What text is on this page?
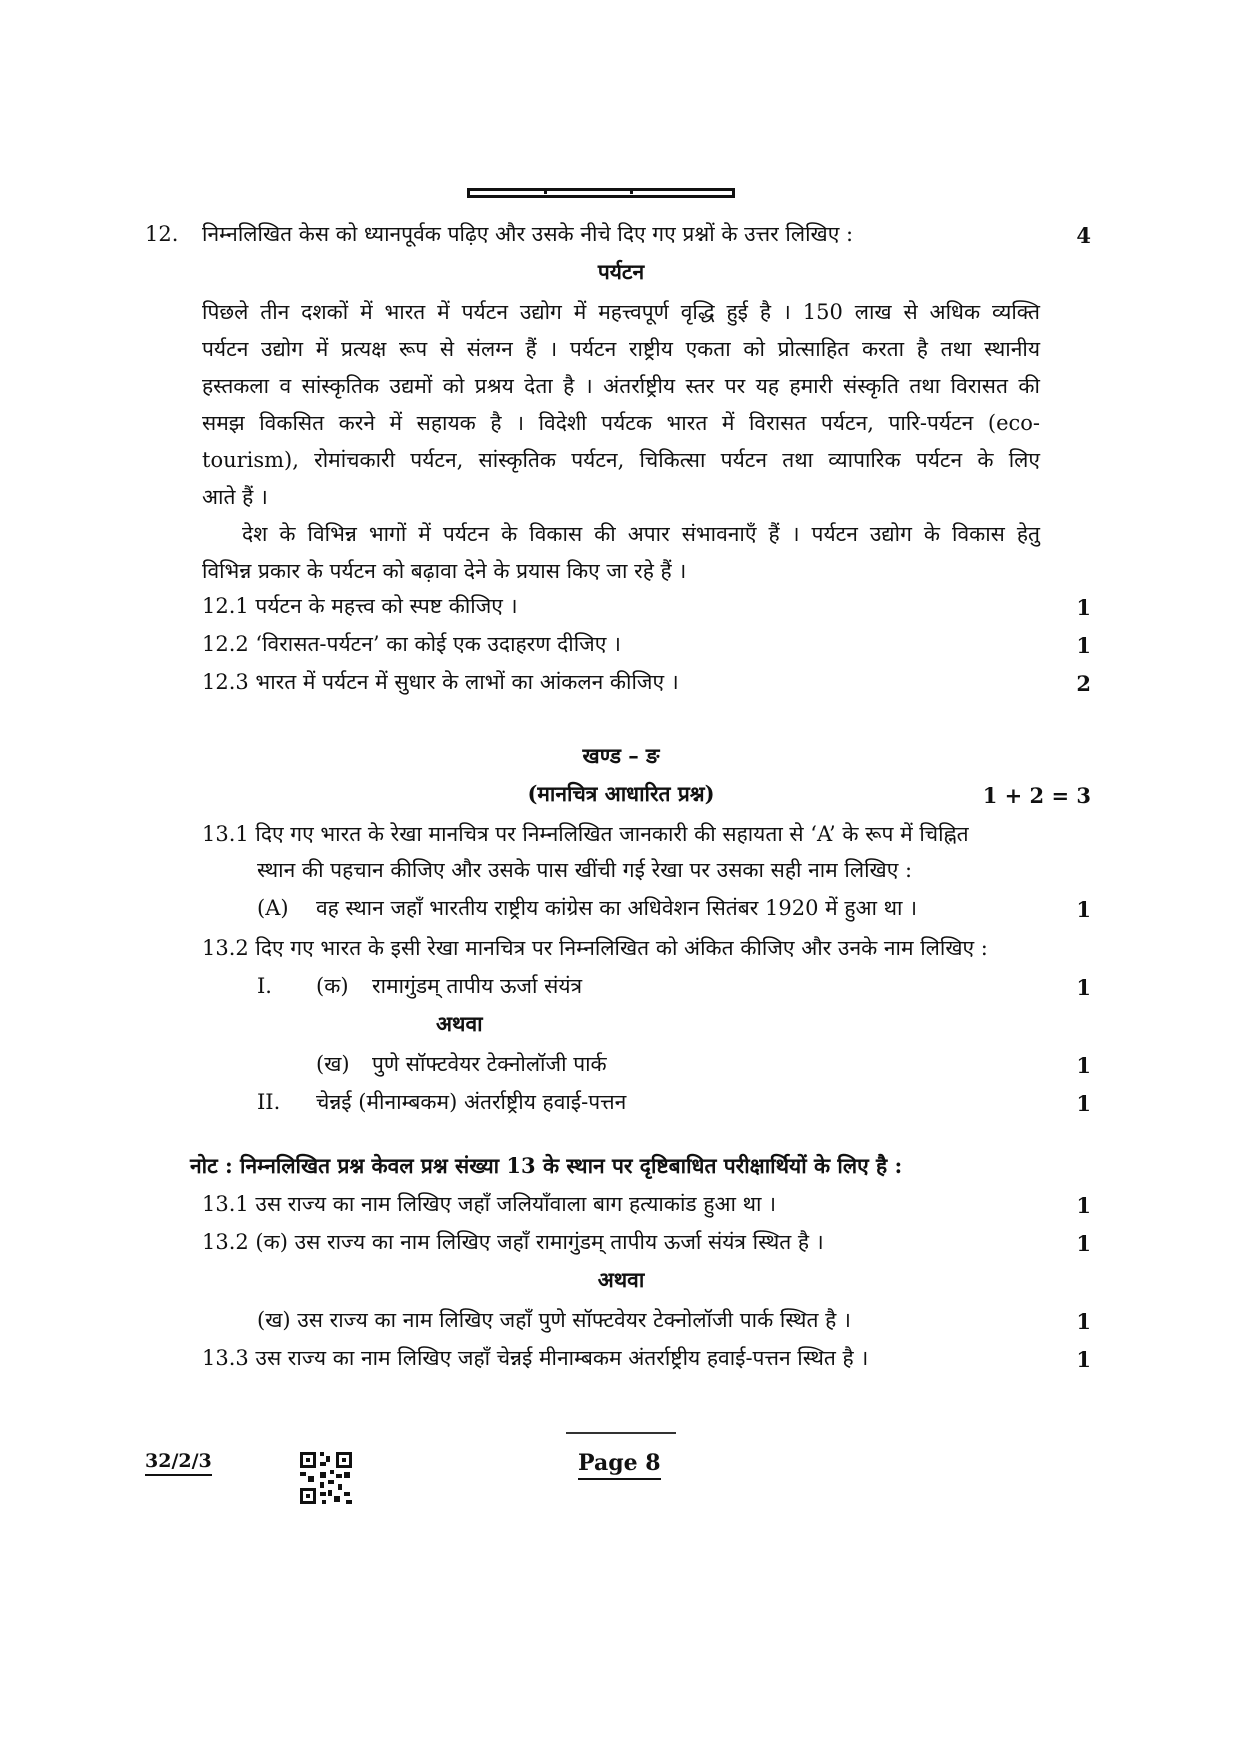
12. निम्नलिखित केस को ध्यानपूर्वक पढ़िए और उसके नीचे दिए गए प्रश्नों के उत्तर लिखिए :	4
पर्यटन
पिछले तीन दशकों में भारत में पर्यटन उद्योग में महत्त्वपूर्ण वृद्धि हुई है । 150 लाख से अधिक व्यक्ति
पर्यटन उद्योग में प्रत्यक्ष रूप से संलग्न हैं । पर्यटन राष्ट्रीय एकता को प्रोत्साहित करता है तथा स्थानीय
हस्तकला व सांस्कृतिक उद्यमों को प्रश्रय देता है । अंतर्राष्ट्रीय स्तर पर यह हमारी संस्कृति तथा विरासत की
समझ विकसित करने में सहायक है । विदेशी पर्यटक भारत में विरासत पर्यटन, पारि-पर्यटन (eco-
tourism), रोमांचकारी पर्यटन, सांस्कृतिक पर्यटन, चिकित्सा पर्यटन तथा व्यापारिक पर्यटन के लिए
आते हैं ।
देश के विभिन्न भागों में पर्यटन के विकास की अपार संभावनाएँ हैं । पर्यटन उद्योग के विकास हेतु
विभिन्न प्रकार के पर्यटन को बढ़ावा देने के प्रयास किए जा रहे हैं ।
12.1 पर्यटन के महत्त्व को स्पष्ट कीजिए ।	1
12.2 ‘विरासत-पर्यटन’ का कोई एक उदाहरण दीजिए ।	1
12.3 भारत में पर्यटन में सुधार के लाभों का आंकलन कीजिए ।	2
खण्ड – ङ
(मानचित्र आधारित प्रश्न)	1 + 2 = 3
13.1 दिए गए भारत के रेखा मानचित्र पर निम्नलिखित जानकारी की सहायता से ‘A’ के रूप में चिह्नित
स्थान की पहचान कीजिए और उसके पास खींची गई रेखा पर उसका सही नाम लिखिए :
(A) वह स्थान जहाँ भारतीय राष्ट्रीय कांग्रेस का अधिवेशन सितंबर 1920 में हुआ था ।	1
13.2 दिए गए भारत के इसी रेखा मानचित्र पर निम्नलिखित को अंकित कीजिए और उनके नाम लिखिए :
I. (क) रामागुंडम् तापीय ऊर्जा संयंत्र	1
अथवा
(ख) पुणे सॉफ्टवेयर टेक्नोलॉजी पार्क	1
II. चेन्नई (मीनाम्बकम) अंतर्राष्ट्रीय हवाई-पत्तन	1
नोट : निम्नलिखित प्रश्न केवल प्रश्न संख्या 13 के स्थान पर दृष्टिबाधित परीक्षार्थियों के लिए है :
13.1 उस राज्य का नाम लिखिए जहाँ जलियाँवाला बाग हत्याकांड हुआ था ।	1
13.2 (क) उस राज्य का नाम लिखिए जहाँ रामागुंडम् तापीय ऊर्जा संयंत्र स्थित है ।	1
अथवा
(ख) उस राज्य का नाम लिखिए जहाँ पुणे सॉफ्टवेयर टेक्नोलॉजी पार्क स्थित है ।	1
13.3 उस राज्य का नाम लिखिए जहाँ चेन्नई मीनाम्बकम अंतर्राष्ट्रीय हवाई-पत्तन स्थित है ।	1
32/2/3	Page 8
